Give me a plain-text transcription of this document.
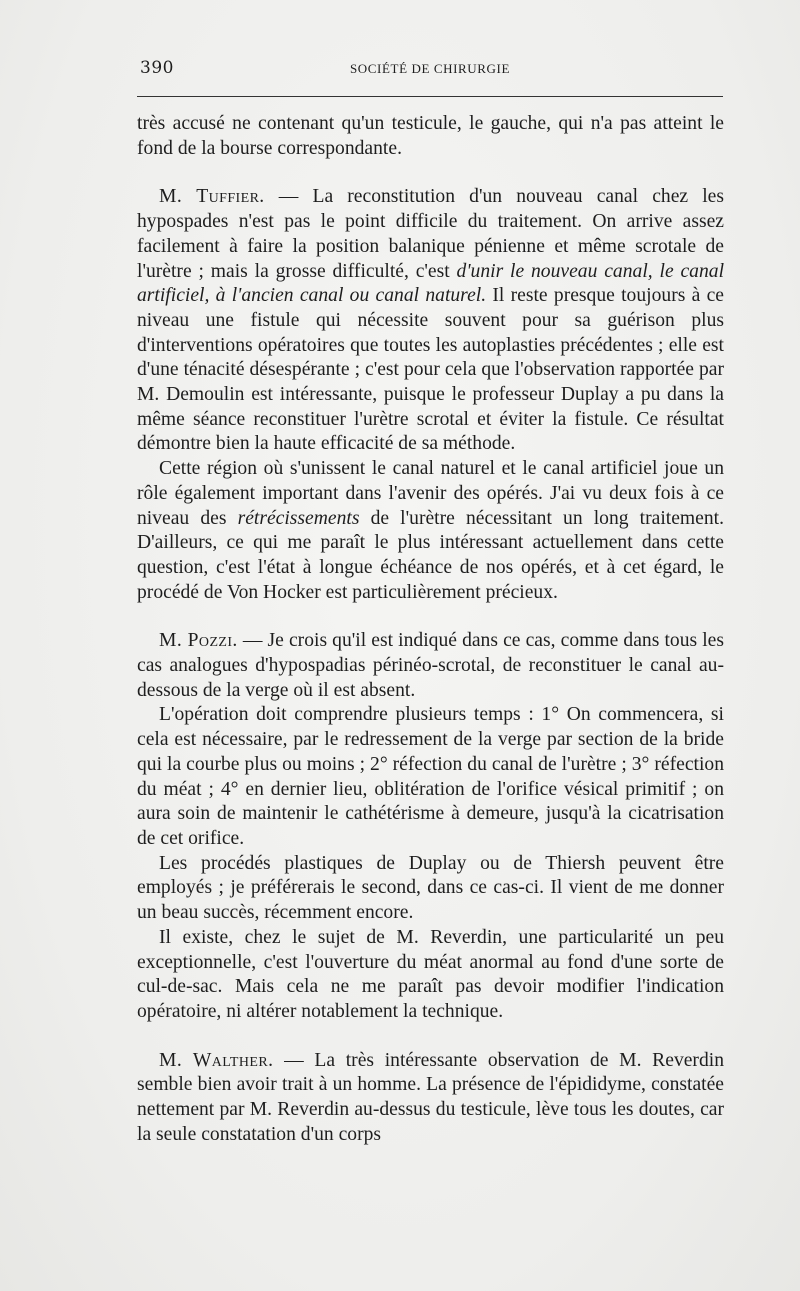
390	SOCIÉTÉ DE CHIRURGIE

très accusé ne contenant qu'un testicule, le gauche, qui n'a pas atteint le fond de la bourse correspondante.

M. Tuffier. — La reconstitution d'un nouveau canal chez les hypospades n'est pas le point difficile du traitement. On arrive assez facilement à faire la position balanique pénienne et même scrotale de l'urètre ; mais la grosse difficulté, c'est d'unir le nouveau canal, le canal artificiel, à l'ancien canal ou canal naturel. Il reste presque toujours à ce niveau une fistule qui nécessite souvent pour sa guérison plus d'interventions opératoires que toutes les autoplasties précédentes ; elle est d'une ténacité désespérante ; c'est pour cela que l'observation rapportée par M. Demoulin est intéressante, puisque le professeur Duplay a pu dans la même séance reconstituer l'urètre scrotal et éviter la fistule. Ce résultat démontre bien la haute efficacité de sa méthode.

Cette région où s'unissent le canal naturel et le canal artificiel joue un rôle également important dans l'avenir des opérés. J'ai vu deux fois à ce niveau des rétrécissements de l'urètre nécessitant un long traitement. D'ailleurs, ce qui me paraît le plus intéressant actuellement dans cette question, c'est l'état à longue échéance de nos opérés, et à cet égard, le procédé de Von Hocker est particulièrement précieux.

M. Pozzi. — Je crois qu'il est indiqué dans ce cas, comme dans tous les cas analogues d'hypospadias périnéo-scrotal, de reconstituer le canal au-dessous de la verge où il est absent.

L'opération doit comprendre plusieurs temps : 1° On commencera, si cela est nécessaire, par le redressement de la verge par section de la bride qui la courbe plus ou moins ; 2° réfection du canal de l'urètre ; 3° réfection du méat ; 4° en dernier lieu, oblitération de l'orifice vésical primitif ; on aura soin de maintenir le cathétérisme à demeure, jusqu'à la cicatrisation de cet orifice.

Les procédés plastiques de Duplay ou de Thiersh peuvent être employés ; je préférerais le second, dans ce cas-ci. Il vient de me donner un beau succès, récemment encore.

Il existe, chez le sujet de M. Reverdin, une particularité un peu exceptionnelle, c'est l'ouverture du méat anormal au fond d'une sorte de cul-de-sac. Mais cela ne me paraît pas devoir modifier l'indication opératoire, ni altérer notablement la technique.

M. Walther. — La très intéressante observation de M. Reverdin semble bien avoir trait à un homme. La présence de l'épididyme, constatée nettement par M. Reverdin au-dessus du testicule, lève tous les doutes, car la seule constatation d'un corps
